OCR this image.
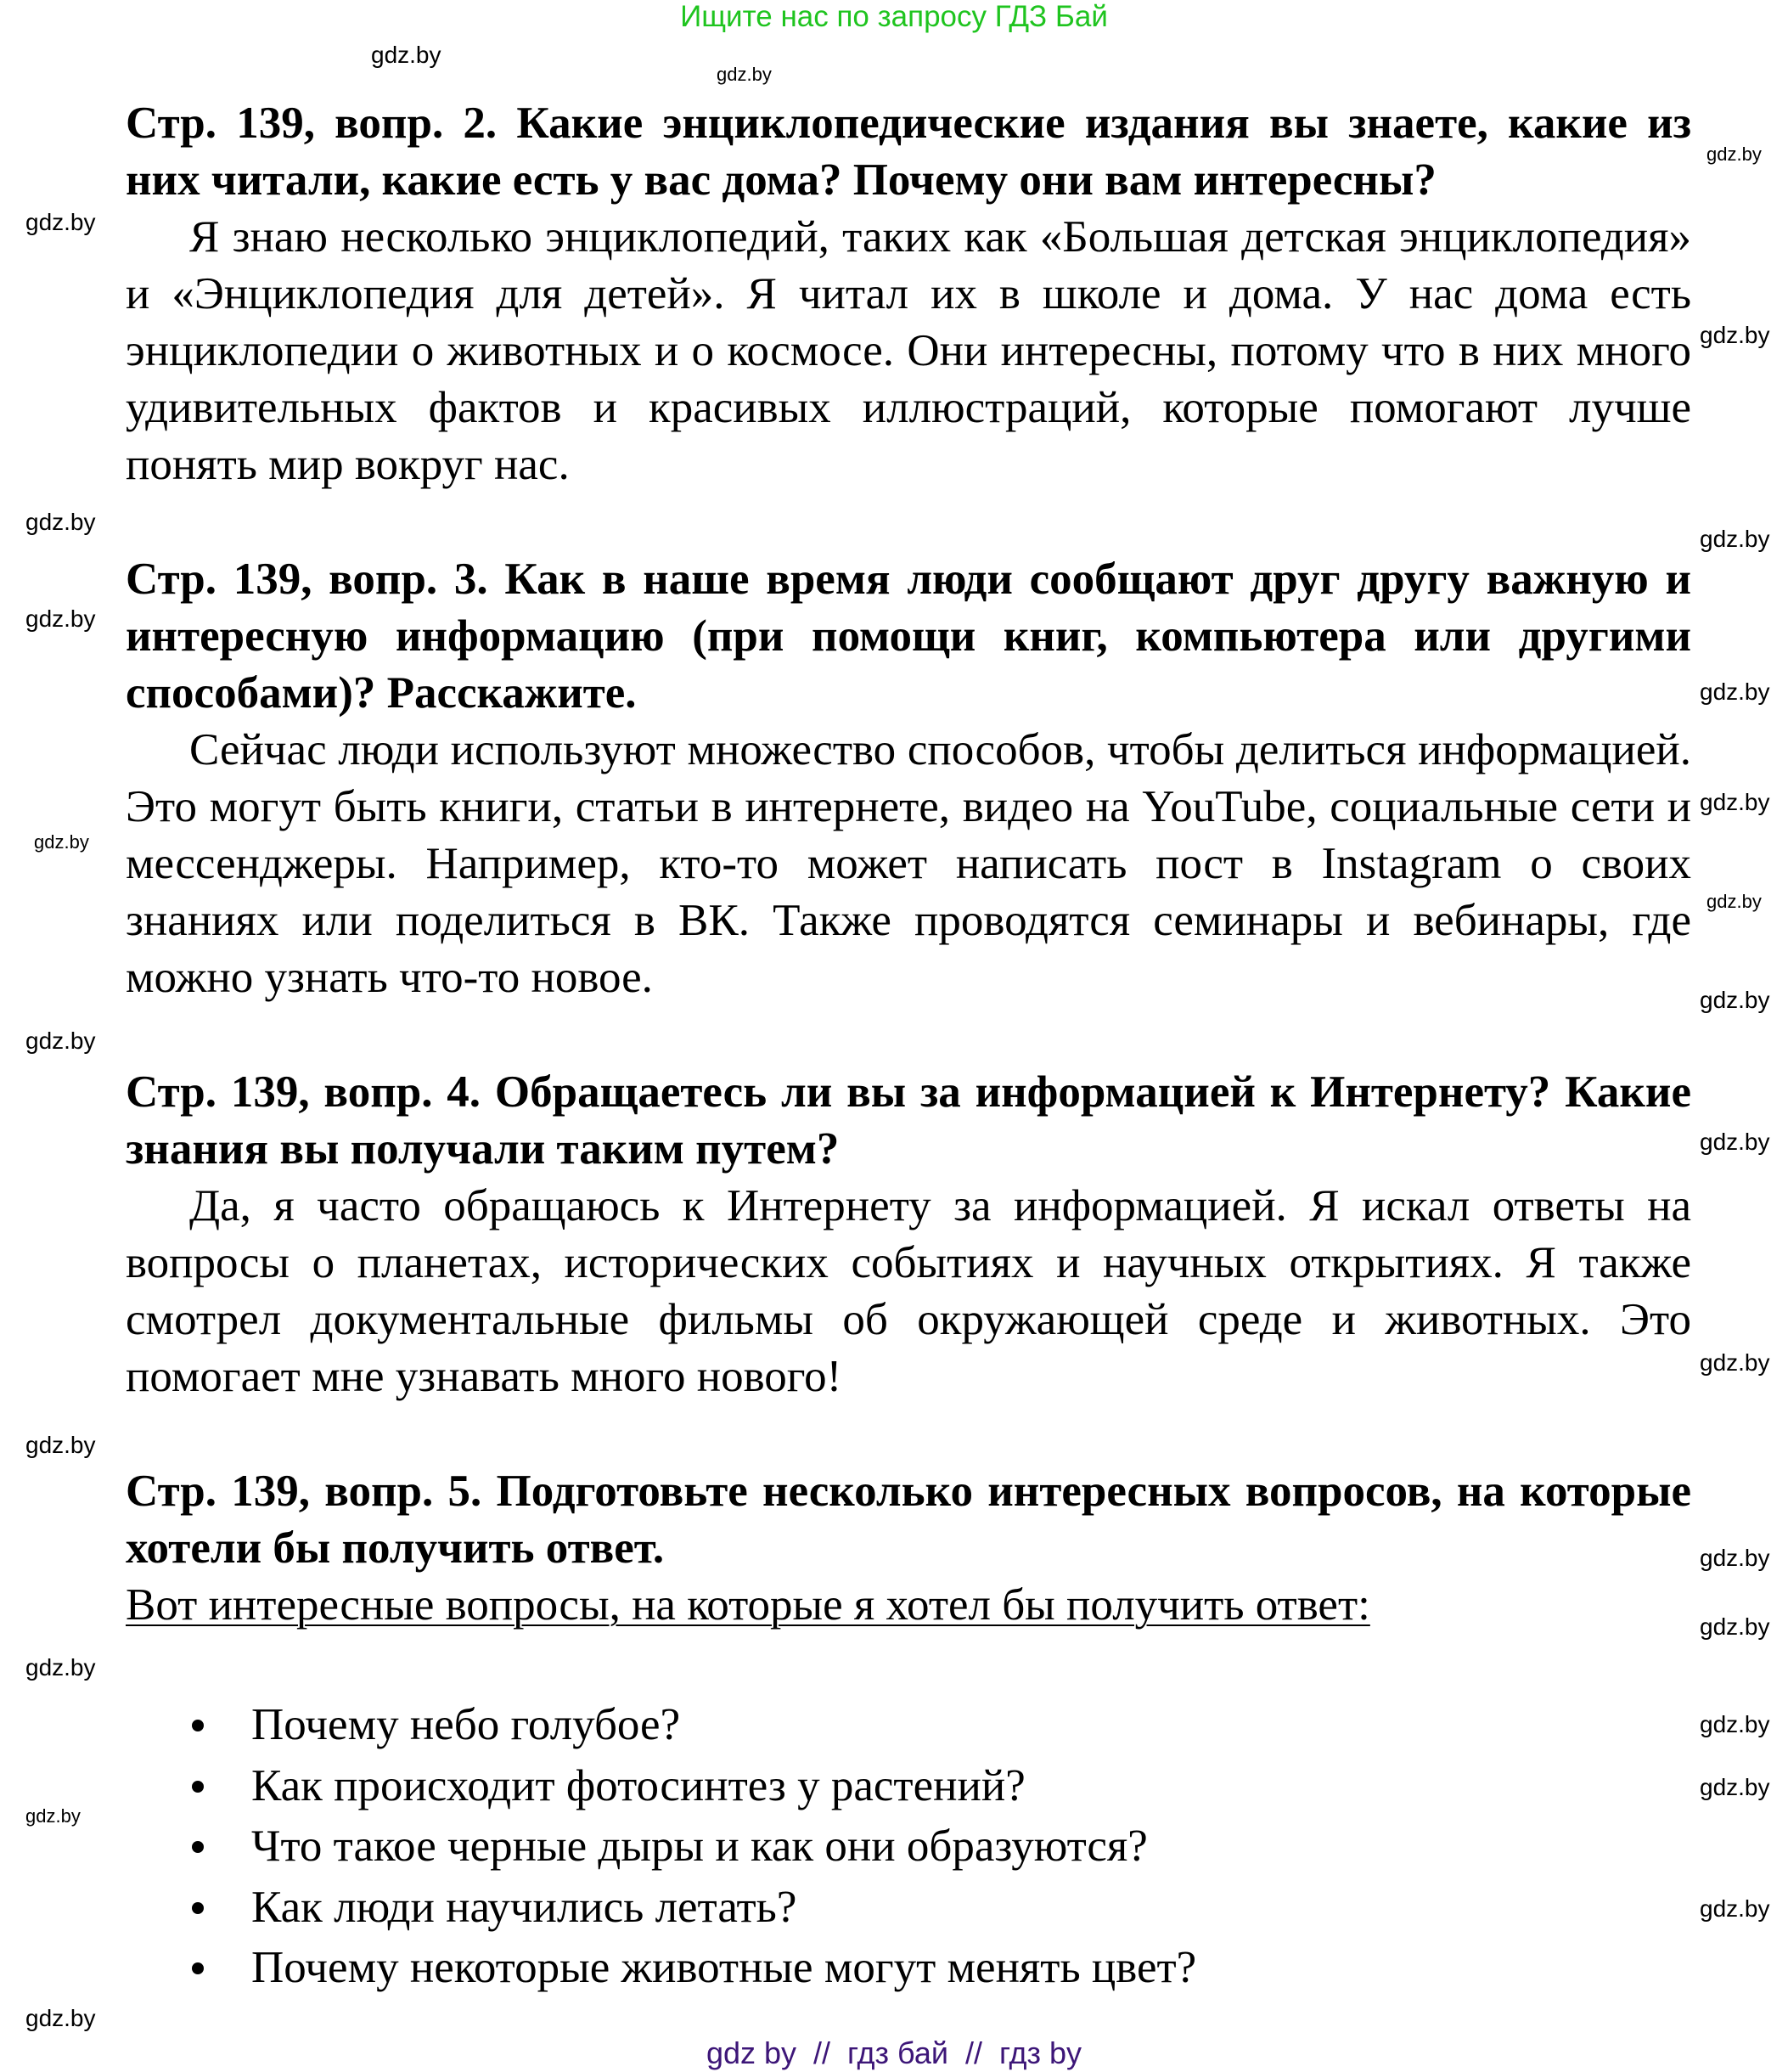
Ищите нас по запросу ГДЗ Бай

Стр. 139, вопр. 2. Какие энциклопедические издания вы знаете, какие из них читали, какие есть у вас дома? Почему они вам интересны?

Я знаю несколько энциклопедий, таких как «Большая детская энциклопедия» и «Энциклопедия для детей». Я читал их в школе и дома. У нас дома есть энциклопедии о животных и о космосе. Они интересны, потому что в них много удивительных фактов и красивых иллюстраций, которые помогают лучше понять мир вокруг нас.

Стр. 139, вопр. 3. Как в наше время люди сообщают друг другу важную и интересную информацию (при помощи книг, компьютера или другими способами)? Расскажите.

Сейчас люди используют множество способов, чтобы делиться информацией. Это могут быть книги, статьи в интернете, видео на YouTube, социальные сети и мессенджеры. Например, кто-то может написать пост в Instagram о своих знаниях или поделиться в ВК. Также проводятся семинары и вебинары, где можно узнать что-то новое.

Стр. 139, вопр. 4. Обращаетесь ли вы за информацией к Интернету? Какие знания вы получали таким путем?

Да, я часто обращаюсь к Интернету за информацией. Я искал ответы на вопросы о планетах, исторических событиях и научных открытиях. Я также смотрел документальные фильмы об окружающей среде и животных. Это помогает мне узнавать много нового!

Стр. 139, вопр. 5. Подготовьте несколько интересных вопросов, на которые хотели бы получить ответ.

Вот интересные вопросы, на которые я хотел бы получить ответ:

Почему небо голубое?
Как происходит фотосинтез у растений?
Что такое черные дыры и как они образуются?
Как люди научились летать?
Почему некоторые животные могут менять цвет?
gdz.by
gdz.by
gdz.by
gdz.by
gdz.by
gdz.by
gdz.by
gdz.by
gdz.by
gdz.by
gdz.by
gdz.by
gdz.by
gdz.by
gdz.by
gdz.by
gdz.by
gdz.by
gdz.by
gdz.by
gdz.by
gdz.by
gdz.by
gdz.by
gdz.by
gdz by  //  гдз бай  //  гдз by
